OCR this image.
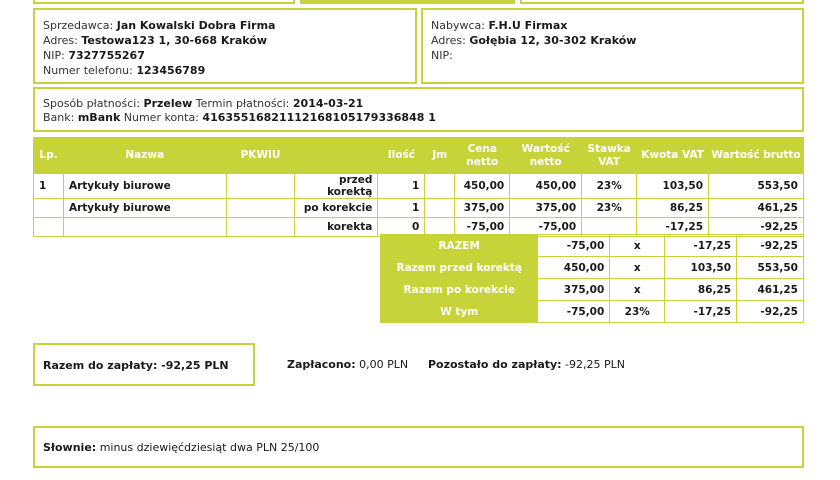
Sprzedawca: Jan Kowalski Dobra Firma
Adres: Testowa123 1, 30-668 Kraków
NIP: 7327755267
Numer telefonu: 123456789
Nabywca: F.H.U Firmax
Adres: Gołębia 12, 30-302 Kraków
NIP:
Sposób płatności: Przelew Termin płatności: 2014-03-21
Bank: mBank Numer konta: 41635516821112168105179336848 1
Lp.	Nazwa	PKWIU		Ilość	Jm	Cena netto	Wartość netto	Stawka VAT	Kwota VAT	Wartość brutto
1	Artykuły biurowe		przed korektą	1		450,00	450,00	23%	103,50	553,50
	Artykuły biurowe		po korekcie	1		375,00	375,00	23%	86,25	461,25
			korekta	0		-75,00	-75,00		-17,25	-92,25
RAZEM	-75,00	x	-17,25	-92,25
Razem przed korektą	450,00	x	103,50	553,50
Razem po korekcie	375,00	x	86,25	461,25
W tym	-75,00	23%	-17,25	-92,25
Razem do zapłaty: -92,25 PLN	Zapłacono: 0,00 PLN Pozostało do zapłaty: -92,25 PLN
Słownie: minus dziewięćdziesiąt dwa PLN 25/100
